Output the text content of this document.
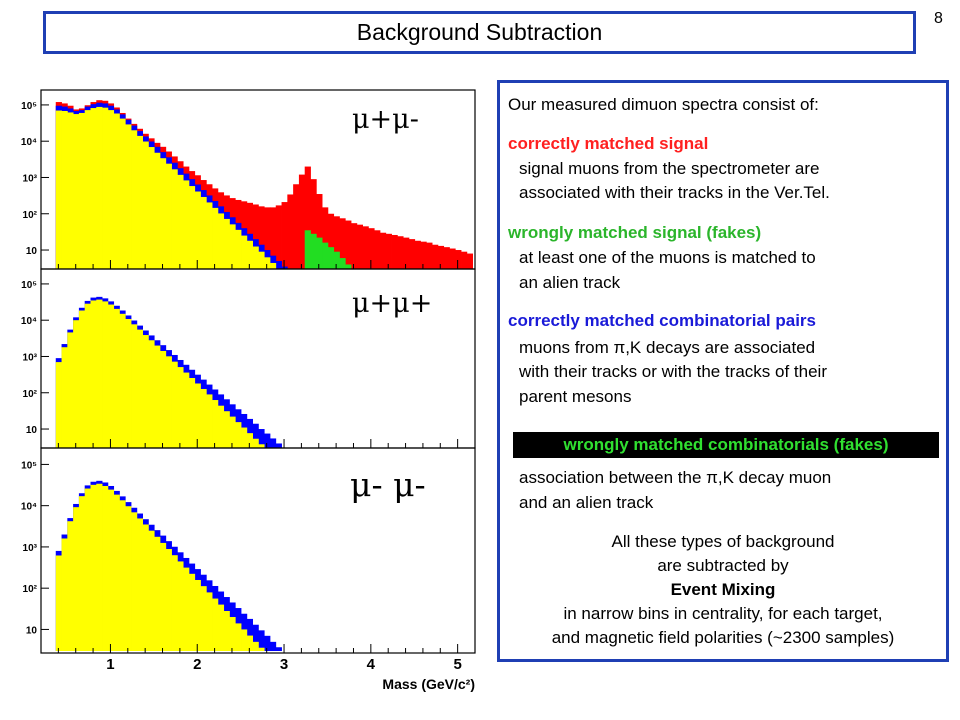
Background Subtraction
8
10
10²
10³
10⁴
10⁵	μ+μ-
10
10²
10³
10⁴
10⁵
μ+μ+
10
10²
10³
10⁴
10⁵	μ- μ-
1	2	3	4	5
Mass (GeV/c²)
Our measured dimuon spectra consist of:
correctly matched signal
signal muons from the spectrometer are
associated with their tracks in the Ver.Tel.
wrongly matched signal (fakes)
at least one of the muons is matched to
an alien track
correctly matched combinatorial pairs
muons from π,K decays are associated
with their tracks or with the tracks of their
parent mesons
wrongly matched combinatorials (fakes)
association between the π,K decay muon
and an alien track
All these types of background
are subtracted by
Event Mixing
in narrow bins in centrality, for each target,
and magnetic field polarities (~2300 samples)
